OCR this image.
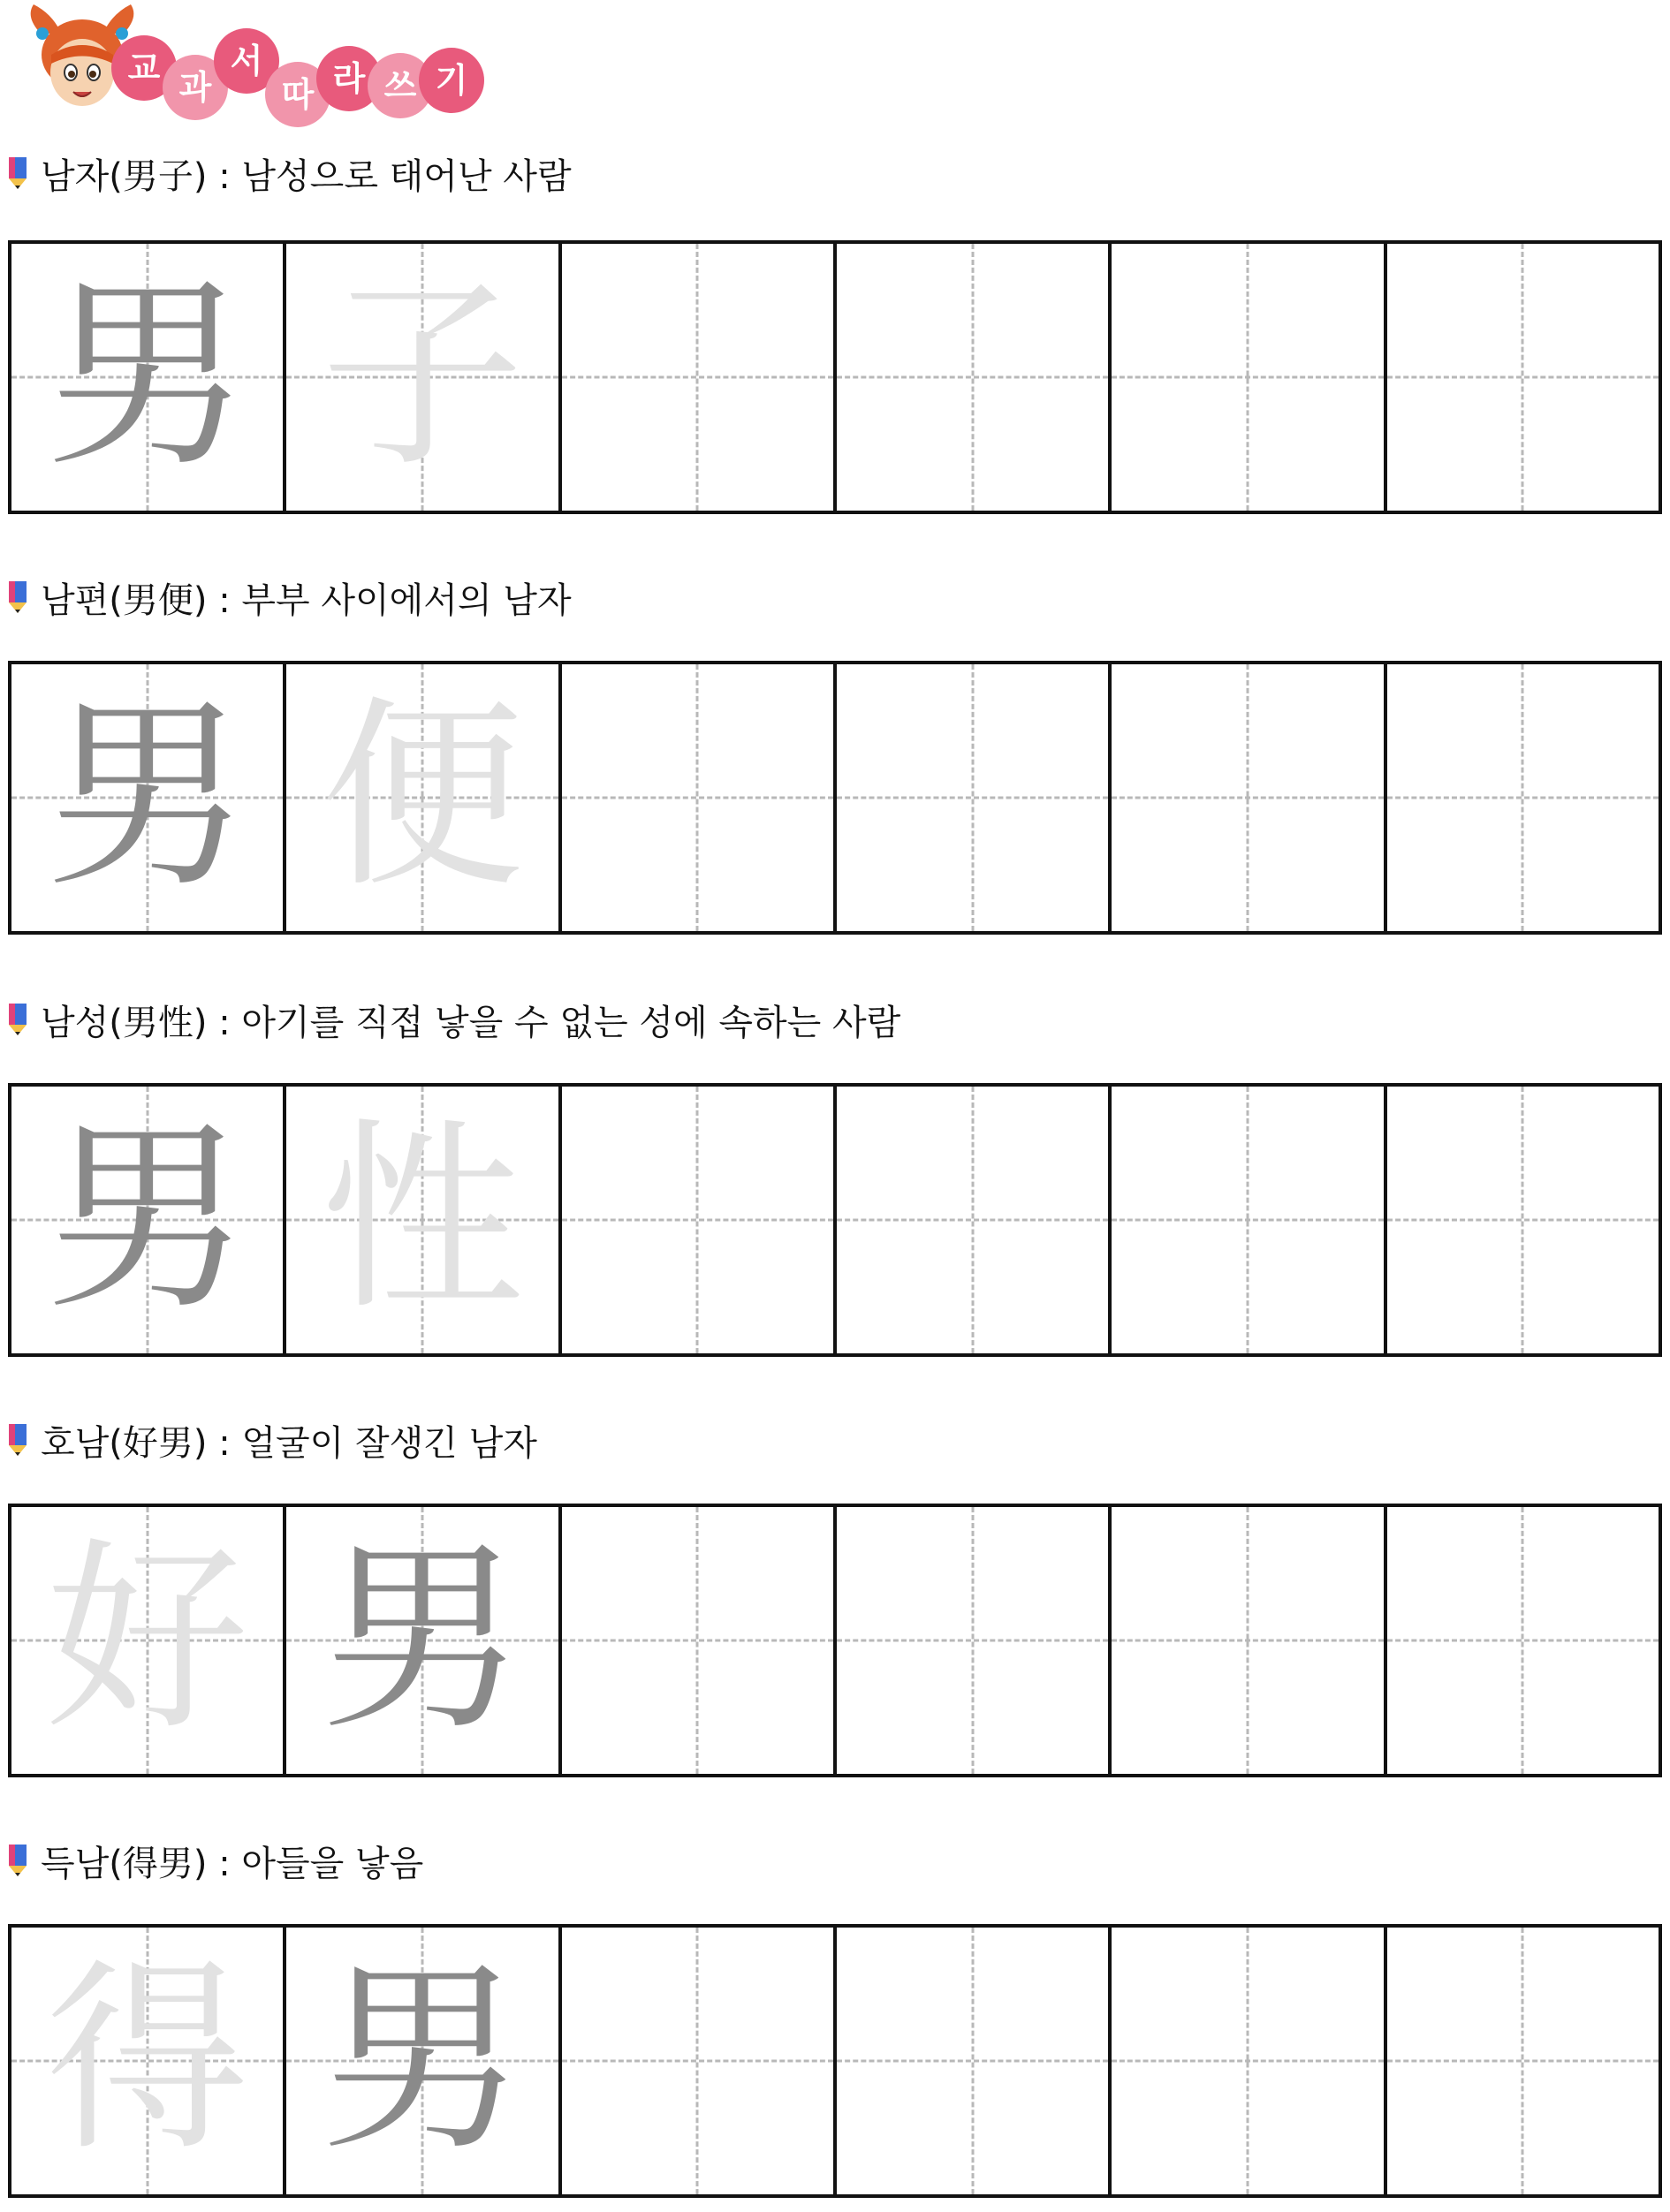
교 과
서
따 라 쓰 기
남자(男子) : 남성으로 태어난 사람
男 子
남편(男便) : 부부 사이에서의 남자
男 便
남성(男性) : 아기를 직접 낳을 수 없는 성에 속하는 사람
男 性
호남(好男) : 얼굴이 잘생긴 남자
好 男
득남(得男) : 아들을 낳음
得 男
